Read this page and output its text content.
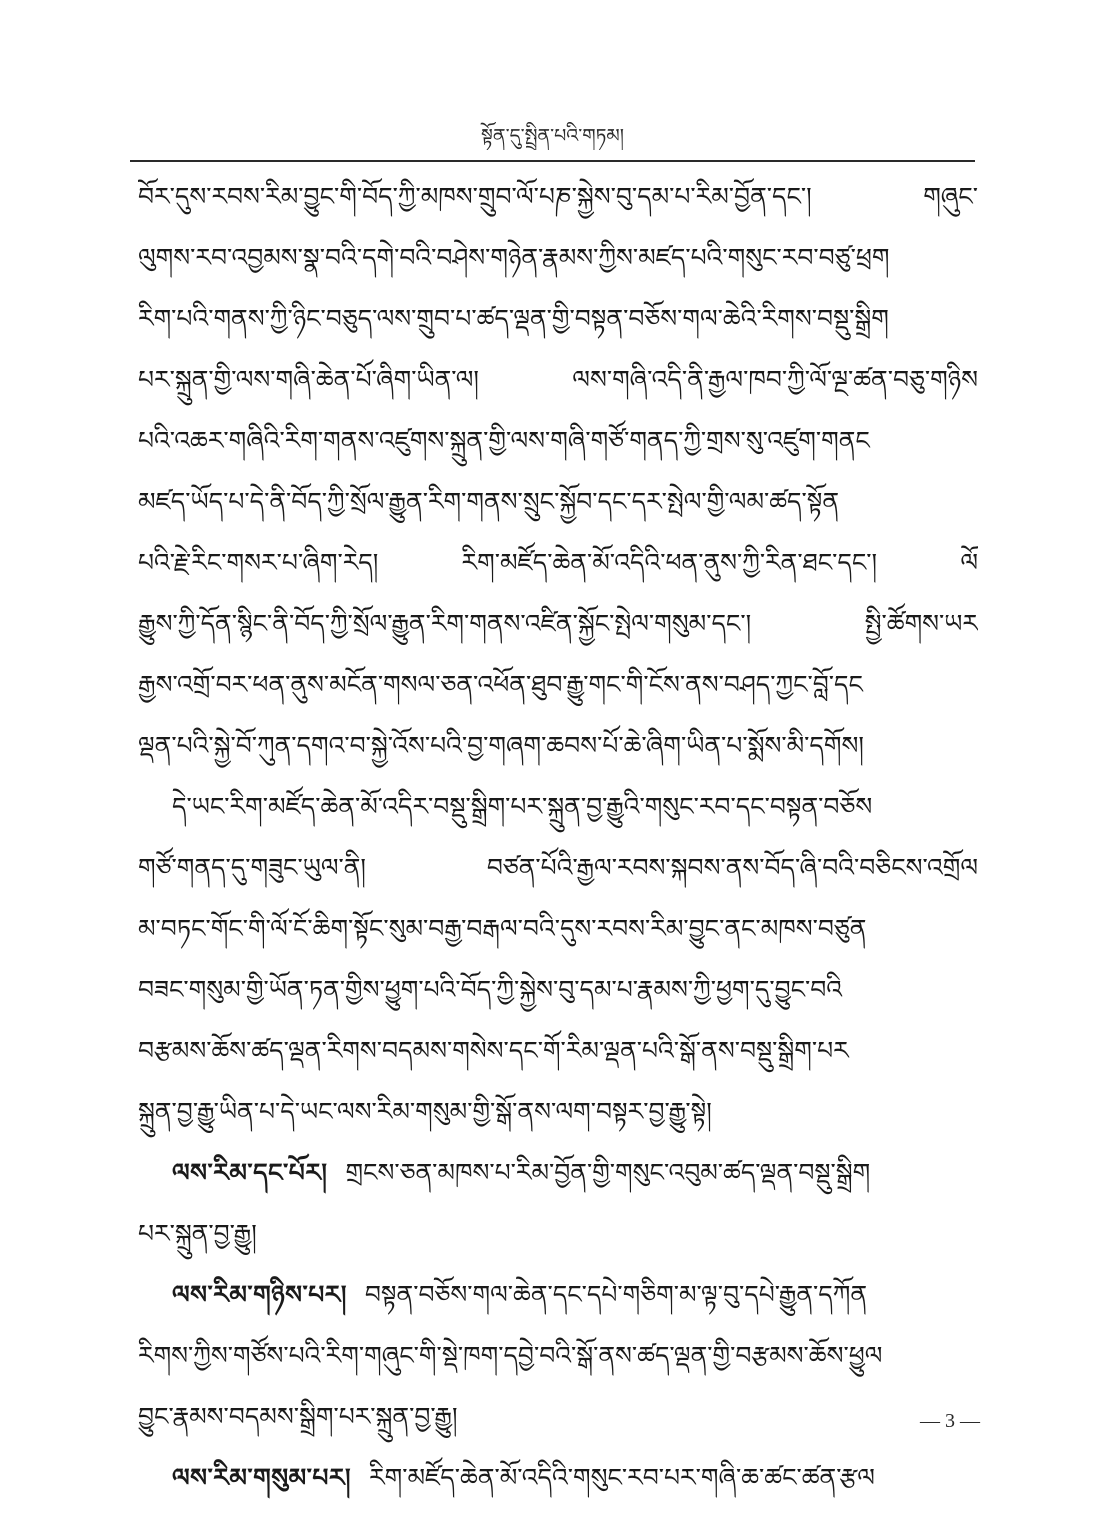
སྟོན་དུ་སྤྲིན་པའི་གཏམ།
བོར་དུས་རབས་རིམ་བྱུང་གི་བོད་ཀྱི་མཁས་གྲུབ་ལོ་པཎ་སྐྱེས་བུ་དམ་པ་རིམ་བྱོན་དང་། གཞུང་
ལུགས་རབ་འབྱམས་སྣ་བའི་དགེ་བའི་བཤེས་གཉེན་རྣམས་ཀྱིས་མཛད་པའི་གསུང་རབ་བཙུ་ཕྲག
རིག་པའི་གནས་ཀྱི་ཉིང་བཅུད་ལས་གྲུབ་པ་ཚད་ལྡན་གྱི་བསྟན་བཅོས་གལ་ཆེའི་རིགས་བསྡུ་སྒྲིག
པར་སྐྲུན་གྱི་ལས་གཞི་ཆེན་པོ་ཞིག་ཡིན་ལ། ལས་གཞི་འདི་ནི་རྒྱལ་ཁབ་ཀྱི་ལོ་ལྔ་ཚན་བཅུ་གཉིས
པའི་འཆར་གཞིའི་རིག་གནས་འཛུགས་སྐྲུན་གྱི་ལས་གཞི་གཙོ་གནད་ཀྱི་གྲས་སུ་འཛུག་གནང
མཛད་ཡོད་པ་དེ་ནི་བོད་ཀྱི་སྲོལ་རྒྱུན་རིག་གནས་སྲུང་སྐྱོབ་དང་དར་སྤེལ་གྱི་ལམ་ཚད་སྟོན
པའི་རྗེ་རིང་གསར་པ་ཞིག་རེད། རིག་མཛོད་ཆེན་མོ་འདིའི་ཕན་ནུས་ཀྱི་རིན་ཐང་དང་། ལོ
རྒྱུས་ཀྱི་དོན་སྙིང་ནི་བོད་ཀྱི་སྲོལ་རྒྱུན་རིག་གནས་འཛིན་སྐྱོང་སྤེལ་གསུམ་དང་། སྤྱི་ཚོགས་ཡར
རྒྱས་འགྲོ་བར་ཕན་ནུས་མངོན་གསལ་ཅན་འཕོན་ཐུབ་རྒྱུ་གང་གི་ངོས་ནས་བཤད་ཀྱང་བློ་དང
ལྡན་པའི་སྐྱེ་བོ་ཀུན་དགའ་བ་སྐྱེ་འོས་པའི་བྱ་གཞག་ཆབས་པོ་ཆེ་ཞིག་ཡིན་པ་སྨོས་མི་དགོས།
དེ་ཡང་རིག་མཛོད་ཆེན་མོ་འདིར་བསྡུ་སྒྲིག་པར་སྐྲུན་བྱ་རྒྱུའི་གསུང་རབ་དང་བསྟན་བཅོས
གཙོ་གནད་དུ་གཟུང་ཡུལ་ནི། བཙན་པོའི་རྒྱལ་རབས་སྐབས་ནས་བོད་ཞི་བའི་བཅིངས་འགྲོལ
མ་བཏང་གོང་གི་ལོ་ངོ་ཆིག་སྟོང་སུམ་བརྒྱ་བརྒལ་བའི་དུས་རབས་རིམ་བྱུང་ནང་མཁས་བཙུན
བཟང་གསུམ་གྱི་ཡོན་ཏན་གྱིས་ཕྱུག་པའི་བོད་ཀྱི་སྐྱེས་བུ་དམ་པ་རྣམས་ཀྱི་ཕྱག་དུ་བྱུང་བའི
བརྩམས་ཆོས་ཚད་ལྡན་རིགས་བདམས་གསེས་དང་གོ་རིམ་ལྡན་པའི་སྒོ་ནས་བསྡུ་སྒྲིག་པར
སྐྲུན་བྱ་རྒྱུ་ཡིན་པ་དེ་ཡང་ལས་རིམ་གསུམ་གྱི་སྒོ་ནས་ལག་བསྟར་བྱ་རྒྱུ་སྟེ།
ལས་རིམ་དང་པོར། གྲངས་ཅན་མཁས་པ་རིམ་བྱོན་གྱི་གསུང་འབུམ་ཚད་ལྡན་བསྡུ་སྒྲིག
པར་སྐྲུན་བྱ་རྒྱུ།
ལས་རིམ་གཉིས་པར། བསྟན་བཅོས་གལ་ཆེན་དང་དཔེ་གཅིག་མ་ལྟ་བུ་དཔེ་རྒྱུན་དཀོན
རིགས་ཀྱིས་གཙོས་པའི་རིག་གཞུང་གི་སྡེ་ཁག་དབྱེ་བའི་སྒོ་ནས་ཚད་ལྡན་གྱི་བརྩམས་ཆོས་ཕྱུལ
བྱུང་རྣམས་བདམས་སྒྲིག་པར་སྐྲུན་བྱ་རྒྱུ།
ལས་རིམ་གསུམ་པར། རིག་མཛོད་ཆེན་མོ་འདིའི་གསུང་རབ་པར་གཞི་ཆ་ཚང་ཚན་རྩལ
— 3 —
